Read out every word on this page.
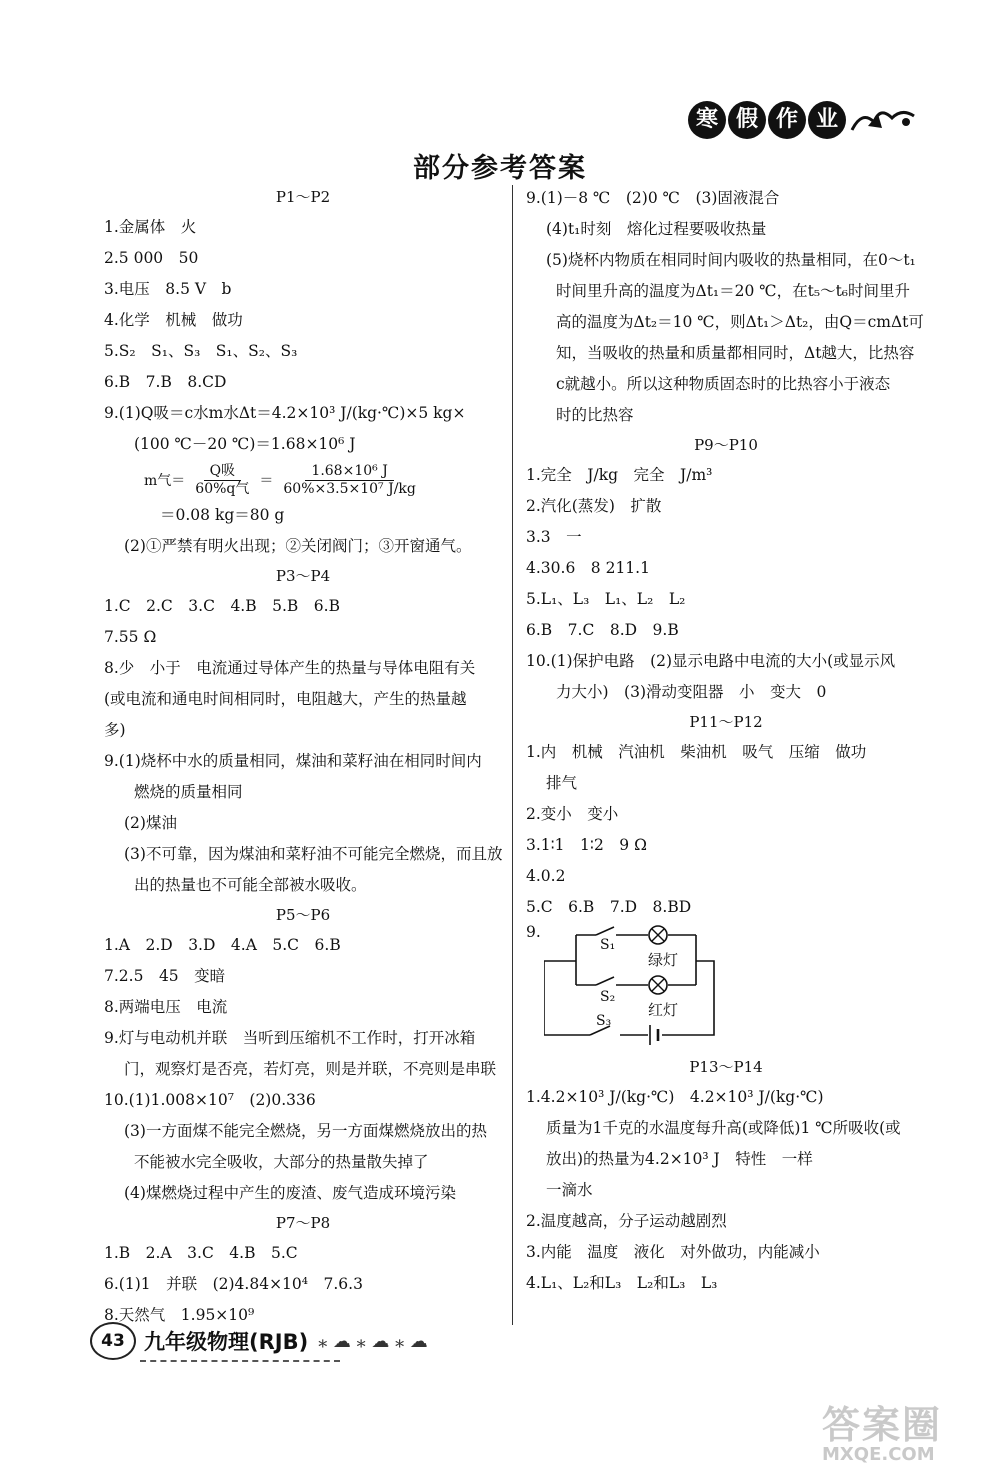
寒 假 作 业
部分参考答案
P1～P2
1.金属体　火
2.5 000　50
3.电压　8.5 V　b
4.化学　机械　做功
5.S₂　S₁、S₃　S₁、S₂、S₃
6.B　7.B　8.CD
9.(1)Q吸＝c水m水Δt＝4.2×10³ J/(kg·℃)×5 kg×
(100 ℃－20 ℃)＝1.68×10⁶ J
m气＝ $\frac{\text{Q吸}}{\text{60\%q气}} = \frac{\text{1.68×10⁶ J}}{\text{60\%×3.5×10⁷ J/kg}}$
＝0.08 kg＝80 g
(2)①严禁有明火出现；②关闭阀门；③开窗通气。
P3～P4
1.C　2.C　3.C　4.B　5.B　6.B
7.55 Ω
8.少　小于　电流通过导体产生的热量与导体电阻有关
(或电流和通电时间相同时，电阻越大，产生的热量越
多)
9.(1)烧杯中水的质量相同，煤油和菜籽油在相同时间内
燃烧的质量相同
(2)煤油
(3)不可靠，因为煤油和菜籽油不可能完全燃烧，而且放
出的热量也不可能全部被水吸收。
P5～P6
1.A　2.D　3.D　4.A　5.C　6.B
7.2.5　45　变暗
8.两端电压　电流
9.灯与电动机并联　当听到压缩机不工作时，打开冰箱
门，观察灯是否亮，若灯亮，则是并联，不亮则是串联
10.(1)1.008×10⁷　(2)0.336
(3)一方面煤不能完全燃烧，另一方面煤燃烧放出的热
不能被水完全吸收，大部分的热量散失掉了
(4)煤燃烧过程中产生的废渣、废气造成环境污染
P7～P8
1.B　2.A　3.C　4.B　5.C
6.(1)1　并联　(2)4.84×10⁴　7.6.3
8.天然气　1.95×10⁹
9.(1)－8 ℃　(2)0 ℃　(3)固液混合
(4)t₁时刻　熔化过程要吸收热量
(5)烧杯内物质在相同时间内吸收的热量相同，在0～t₁
时间里升高的温度为Δt₁＝20 ℃，在t₅～t₆时间里升
高的温度为Δt₂＝10 ℃，则Δt₁＞Δt₂，由Q＝cmΔt可
知，当吸收的热量和质量都相同时，Δt越大，比热容
c就越小。所以这种物质固态时的比热容小于液态
时的比热容
P9～P10
1.完全　J/kg　完全　J/m³
2.汽化(蒸发)　扩散
3.3　一
4.30.6　8 211.1
5.L₁、L₃　L₁、L₂　L₂
6.B　7.C　8.D　9.B
10.(1)保护电路　(2)显示电路中电流的大小(或显示风
力大小)　(3)滑动变阻器　小　变大　0
P11～P12
1.内　机械　汽油机　柴油机　吸气　压缩　做功
排气
2.变小　变小
3.1∶1　1∶2　9 Ω
4.0.2
5.C　6.B　7.D　8.BD
9.
S₁
绿灯
S₂
红灯
S₃
P13～P14
1.4.2×10³ J/(kg·℃)　4.2×10³ J/(kg·℃)
质量为1千克的水温度每升高(或降低)1 ℃所吸收(或
放出)的热量为4.2×10³ J　特性　一样
一滴水
2.温度越高，分子运动越剧烈
3.内能　温度　液化　对外做功，内能减小
4.L₁、L₂和L₃　L₂和L₃　L₃
43 九年级物理(RJB) ⁎ ☁ ⁎ ☁ ⁎ ☁
答案圈
MXQE.COM
